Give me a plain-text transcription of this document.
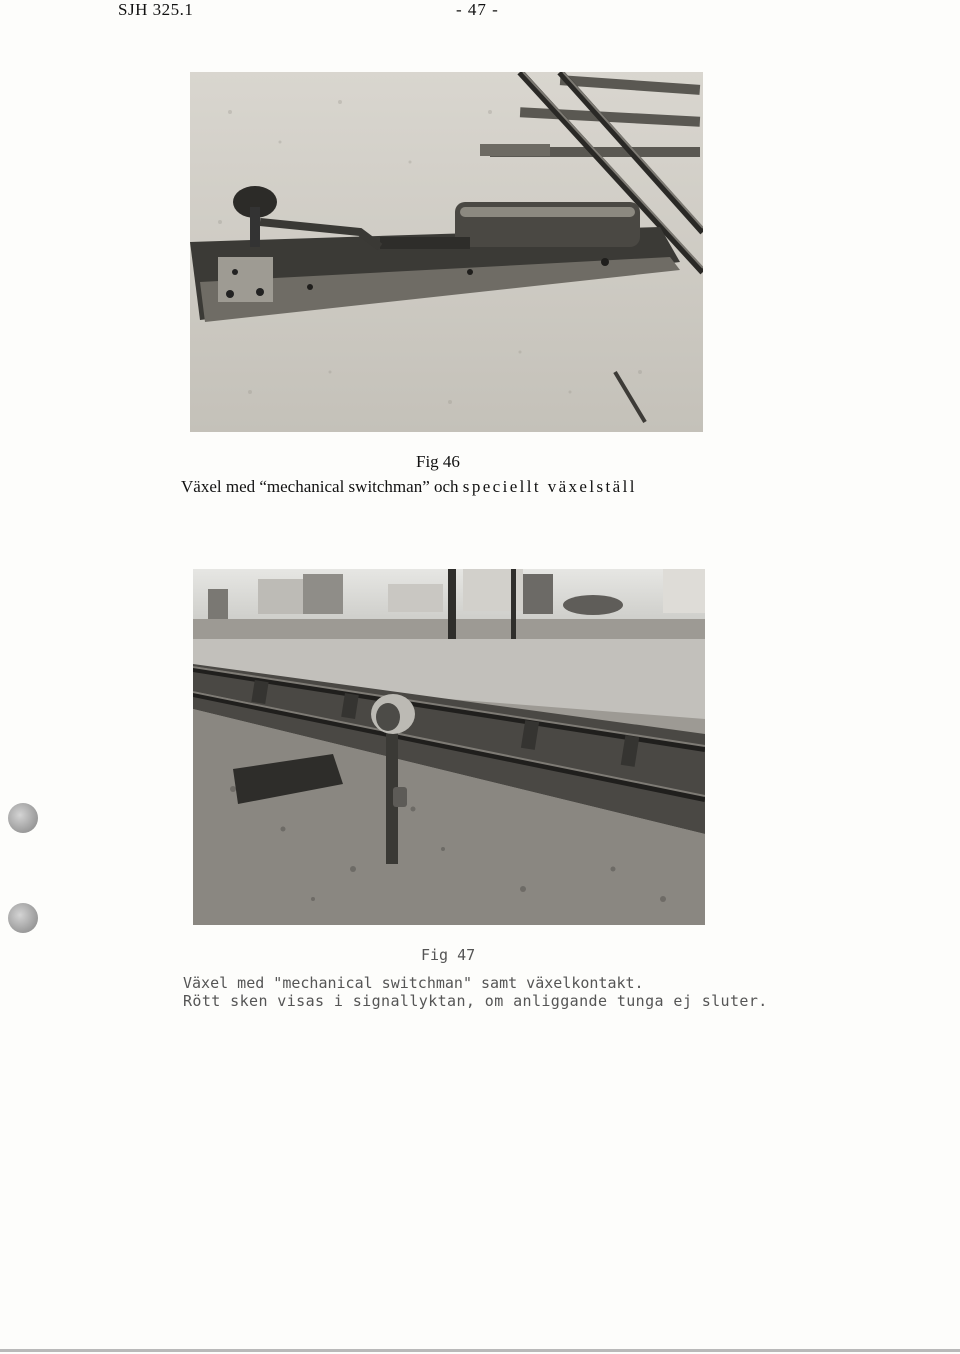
SJH 325.1	- 47 -
Fig 46
Växel med “mechanical switchman” och speciellt växelställ
Fig 47
Växel med "mechanical switchman" samt växelkontakt.
Rött sken visas i signallyktan, om anliggande tunga ej sluter.
